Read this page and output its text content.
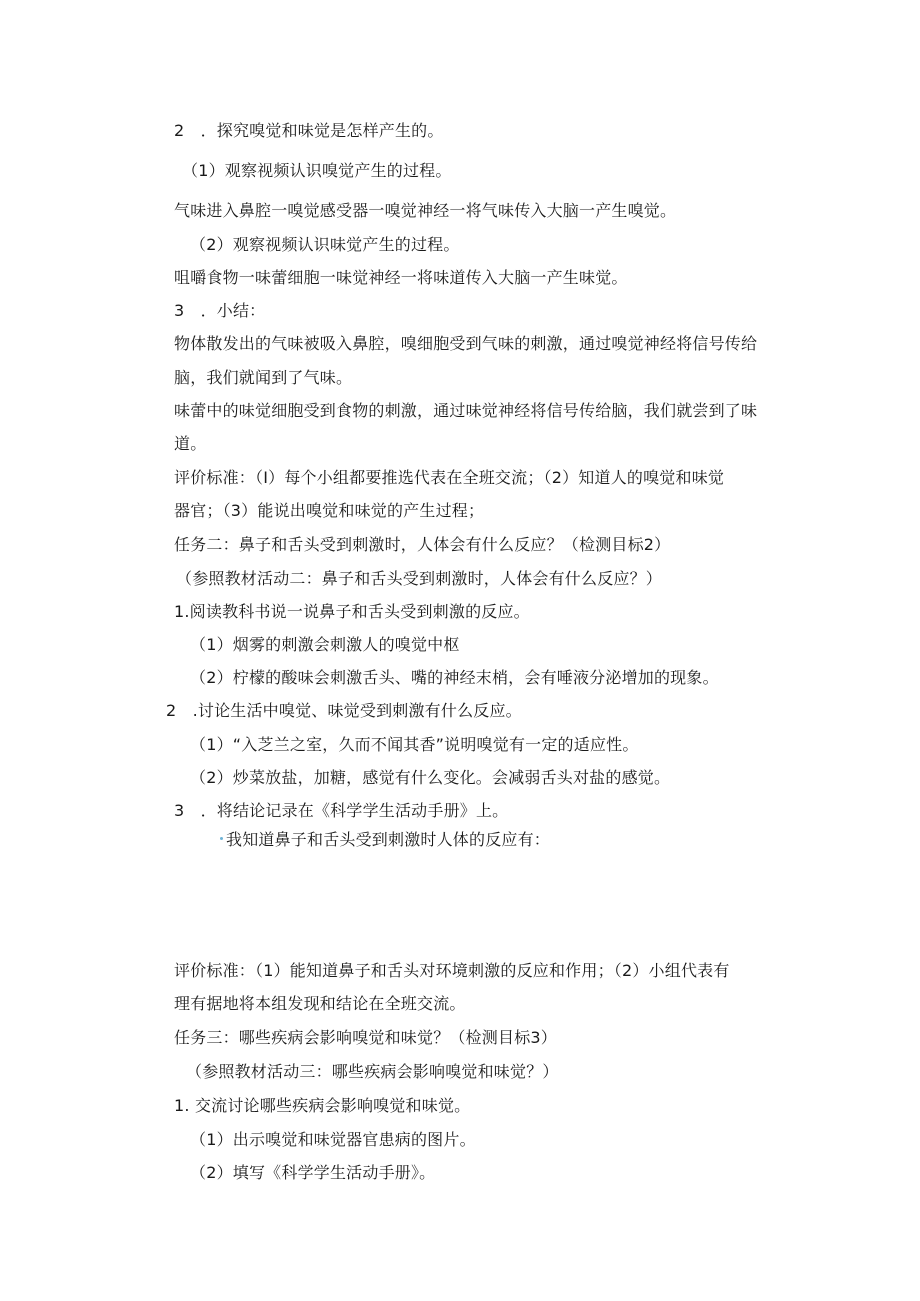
2　．探究嗅觉和味觉是怎样产生的。
（1）观察视频认识嗅觉产生的过程。
气味进入鼻腔一嗅觉感受器一嗅觉神经一将气味传入大脑一产生嗅觉。
（2）观察视频认识味觉产生的过程。
咀嚼食物一味蕾细胞一味觉神经一将味道传入大脑一产生味觉。
3　．小结：
物体散发出的气味被吸入鼻腔，嗅细胞受到气味的刺激，通过嗅觉神经将信号传给
脑，我们就闻到了气味。
味蕾中的味觉细胞受到食物的刺激，通过味觉神经将信号传给脑，我们就尝到了味
道。
评价标准：（I）每个小组都要推选代表在全班交流；（2）知道人的嗅觉和味觉
器官；（3）能说出嗅觉和味觉的产生过程；
任务二：鼻子和舌头受到刺激时，人体会有什么反应？（检测目标2）
（参照教材活动二：鼻子和舌头受到刺激时，人体会有什么反应？）
1.阅读教科书说一说鼻子和舌头受到刺激的反应。
（1）烟雾的刺激会刺激人的嗅觉中枢
（2）柠檬的酸味会刺激舌头、嘴的神经末梢，会有唾液分泌增加的现象。
2　.讨论生活中嗅觉、味觉受到刺激有什么反应。
（1）“入芝兰之室，久而不闻其香”说明嗅觉有一定的适应性。
（2）炒菜放盐，加糖，感觉有什么变化。会减弱舌头对盐的感觉。
3　．将结论记录在《科学学生活动手册》上。
我知道鼻子和舌头受到刺激时人体的反应有：
评价标准：（1）能知道鼻子和舌头对环境刺激的反应和作用；（2）小组代表有
理有据地将本组发现和结论在全班交流。
任务三：哪些疾病会影响嗅觉和味觉？（检测目标3）
（参照教材活动三：哪些疾病会影响嗅觉和味觉？）
1. 交流讨论哪些疾病会影响嗅觉和味觉。
（1）出示嗅觉和味觉器官患病的图片。
（2）填写《科学学生活动手册》。
